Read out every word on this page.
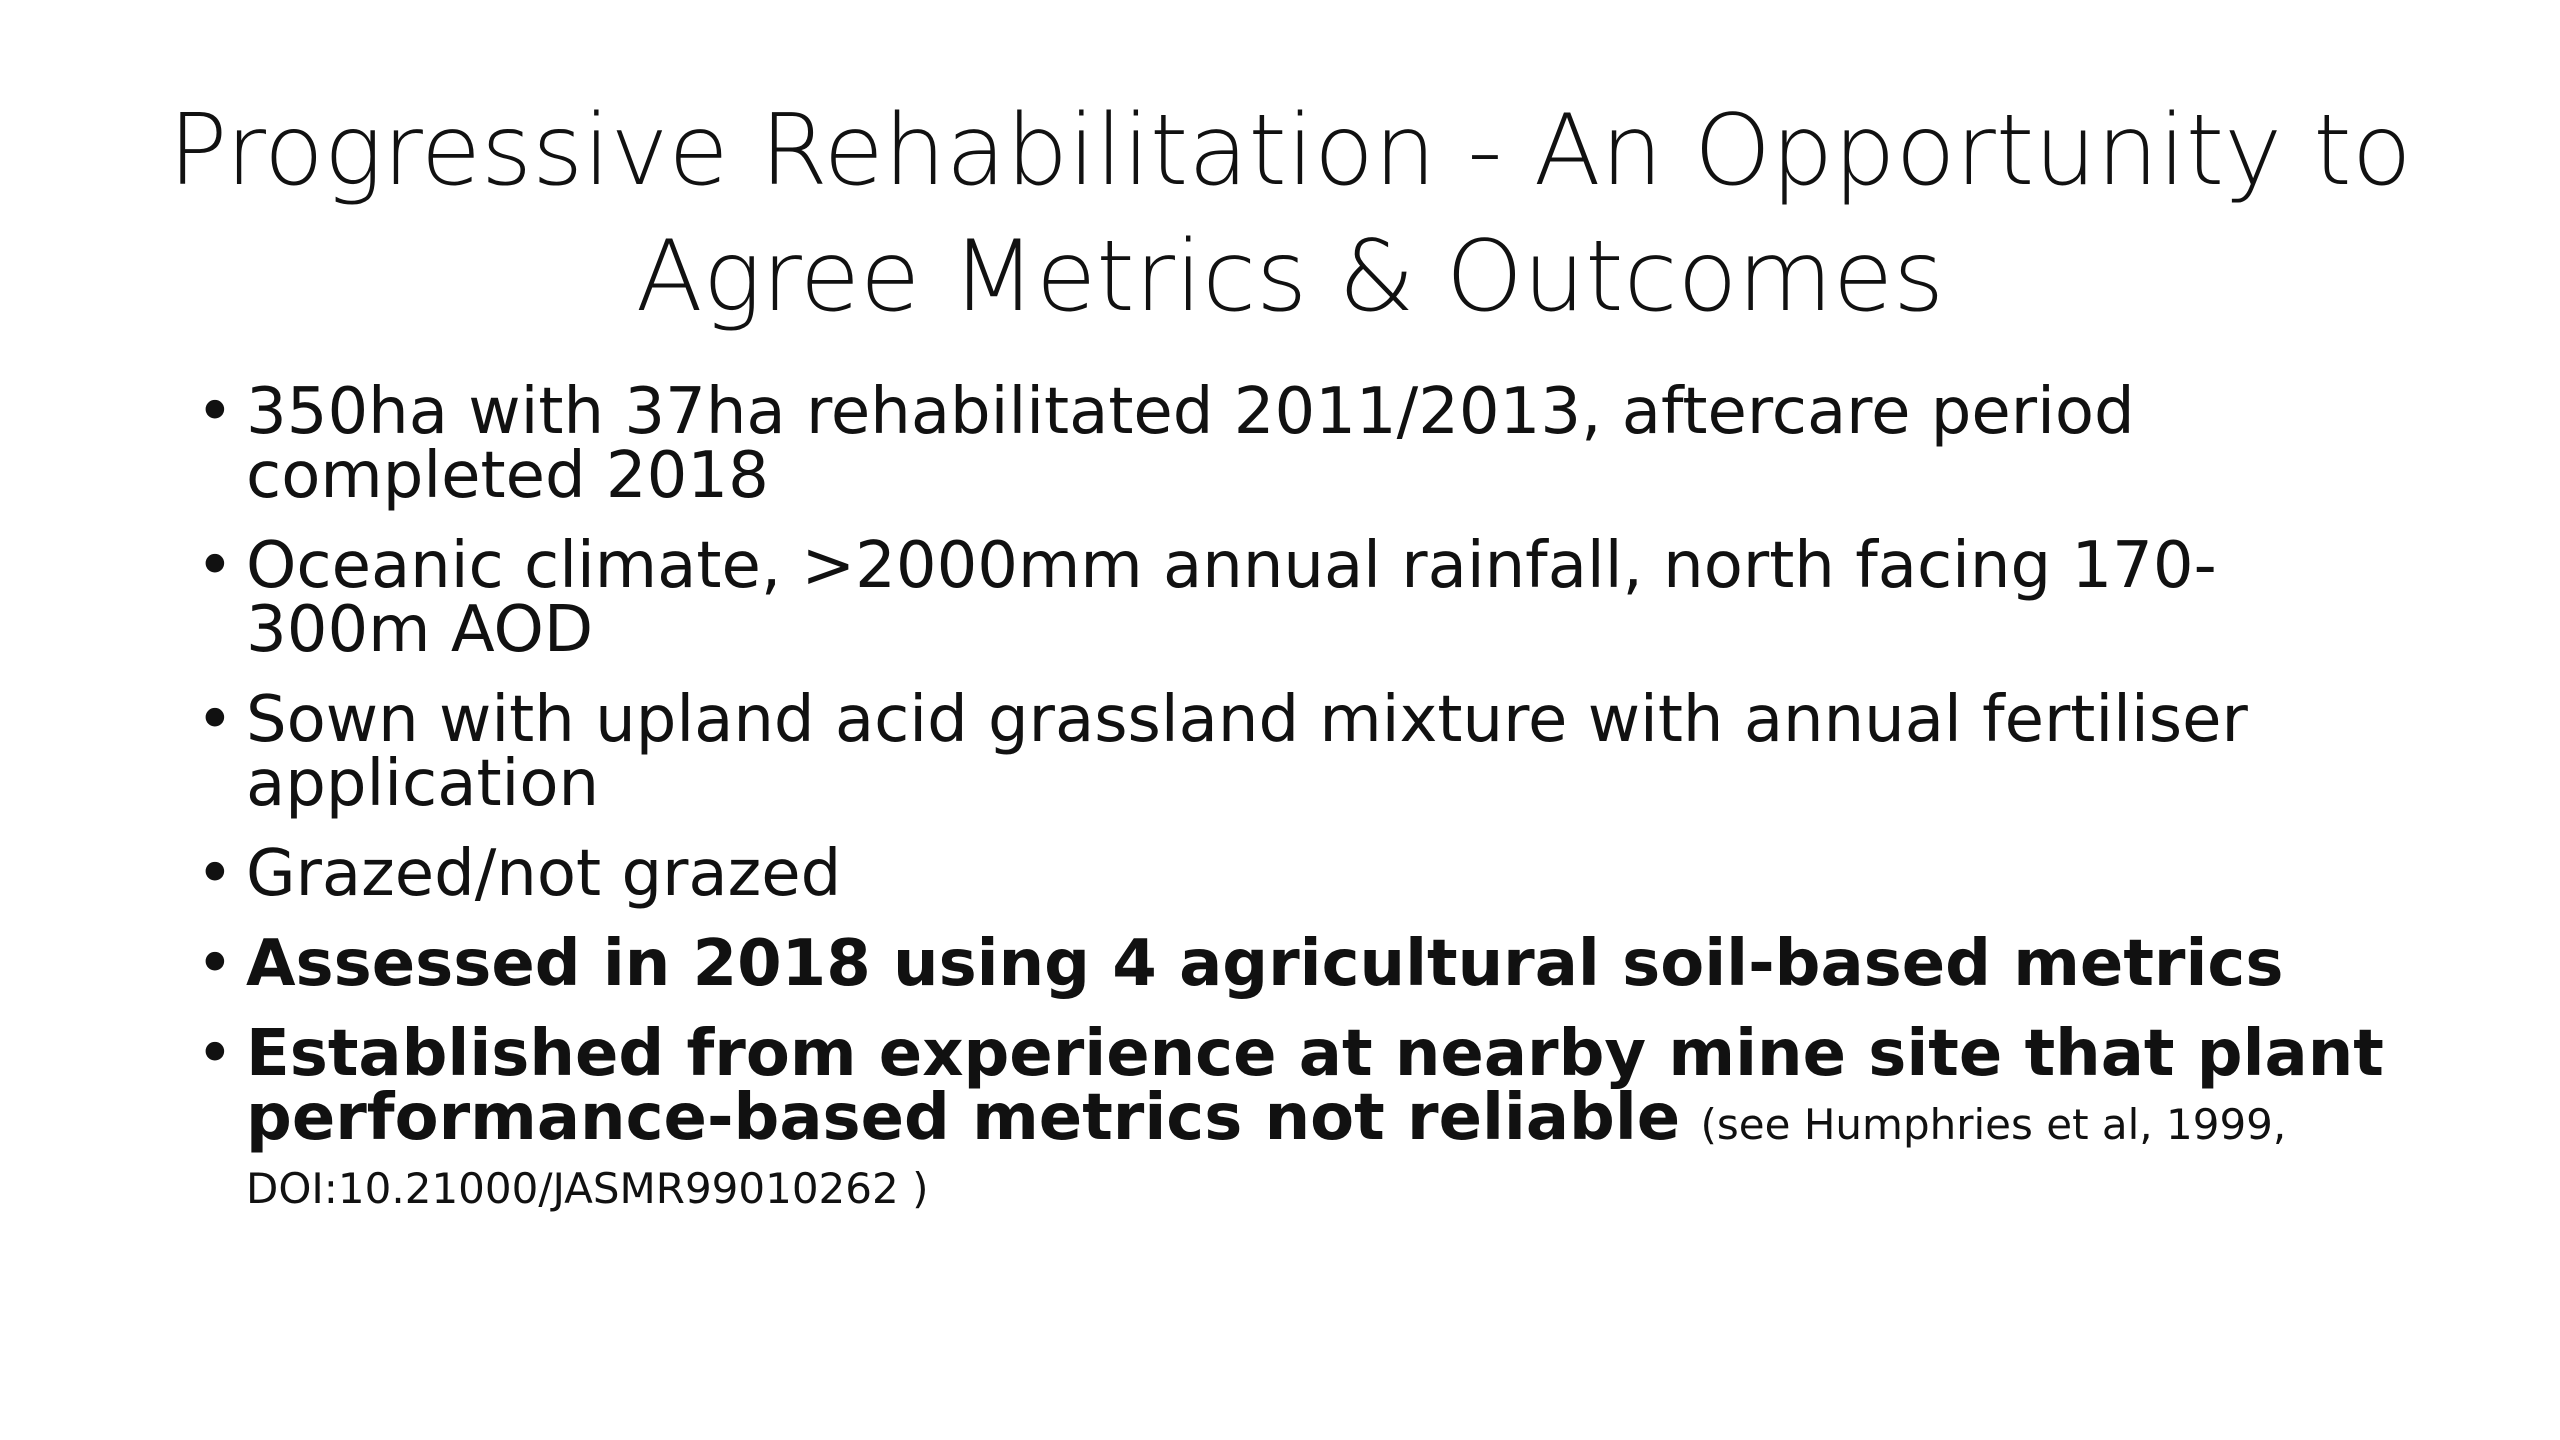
Progressive Rehabilitation - An Opportunity to
Agree Metrics & Outcomes
• 350ha with 37ha rehabilitated 2011/2013, aftercare period completed 2018
• Oceanic climate, >2000mm annual rainfall, north facing 170-300m AOD
• Sown with upland acid grassland mixture with annual fertiliser application
• Grazed/not grazed
• Assessed in 2018 using 4 agricultural soil-based metrics
• Established from experience at nearby mine site that plant performance-based metrics not reliable (see Humphries et al, 1999, DOI:10.21000/JASMR99010262 )
